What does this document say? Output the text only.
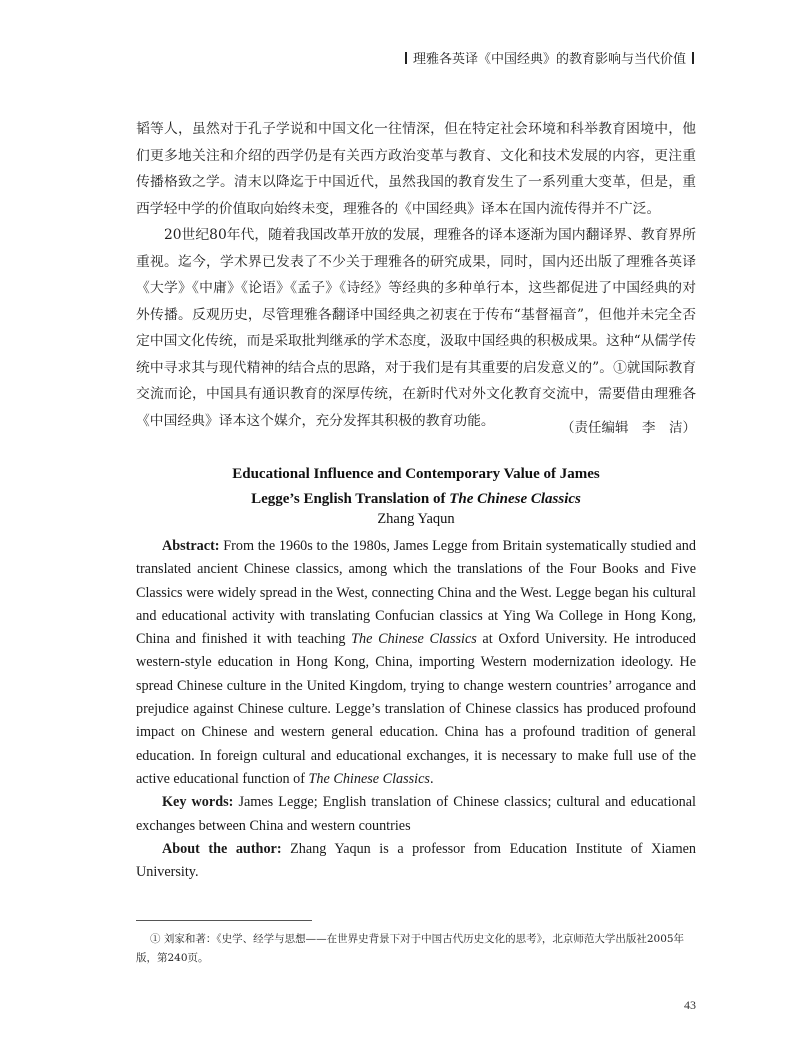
理雅各英译《中国经典》的教育影响与当代价值

韬等人，虽然对于孔子学说和中国文化一往情深，但在特定社会环境和科举教育困境中，他们更多地关注和介绍的西学仍是有关西方政治变革与教育、文化和技术发展的内容，更注重传播格致之学。清末以降迄于中国近代，虽然我国的教育发生了一系列重大变革，但是，重西学轻中学的价值取向始终未变，理雅各的《中国经典》译本在国内流传得并不广泛。

20世纪80年代，随着我国改革开放的发展，理雅各的译本逐渐为国内翻译界、教育界所重视。迄今，学术界已发表了不少关于理雅各的研究成果，同时，国内还出版了理雅各英译《大学》《中庸》《论语》《孟子》《诗经》等经典的多种单行本，这些都促进了中国经典的对外传播。反观历史，尽管理雅各翻译中国经典之初衷在于传布“基督福音”，但他并未完全否定中国文化传统，而是采取批判继承的学术态度，汲取中国经典的积极成果。这种“从儒学传统中寻求其与现代精神的结合点的思路，对于我们是有其重要的启发意义的”。①就国际教育交流而论，中国具有通识教育的深厚传统，在新时代对外文化教育交流中，需要借由理雅各《中国经典》译本这个媒介，充分发挥其积极的教育功能。	（责任编辑　李　洁）
Educational Influence and Contemporary Value of James
Legge’s English Translation of The Chinese Classics
Zhang Yaqun

Abstract: From the 1960s to the 1980s, James Legge from Britain systematically studied and translated ancient Chinese classics, among which the translations of the Four Books and Five Classics were widely spread in the West, connecting China and the West. Legge began his cultural and educational activity with translating Confucian classics at Ying Wa College in Hong Kong, China and finished it with teaching The Chinese Classics at Oxford University. He introduced western-style education in Hong Kong, China, importing Western modernization ideology. He spread Chinese culture in the United Kingdom, trying to change western countries’ arrogance and prejudice against Chinese culture. Legge’s translation of Chinese classics has produced profound impact on Chinese and western general education. China has a profound tradition of general education. In foreign cultural and educational exchanges, it is necessary to make full use of the active educational function of The Chinese Classics.

Key words: James Legge; English translation of Chinese classics; cultural and educational exchanges between China and western countries

About the author: Zhang Yaqun is a professor from Education Institute of Xiamen University.

① 刘家和著：《史学、经学与思想——在世界史背景下对于中国古代历史文化的思考》，北京师范大学出版社2005年版，第240页。

43
